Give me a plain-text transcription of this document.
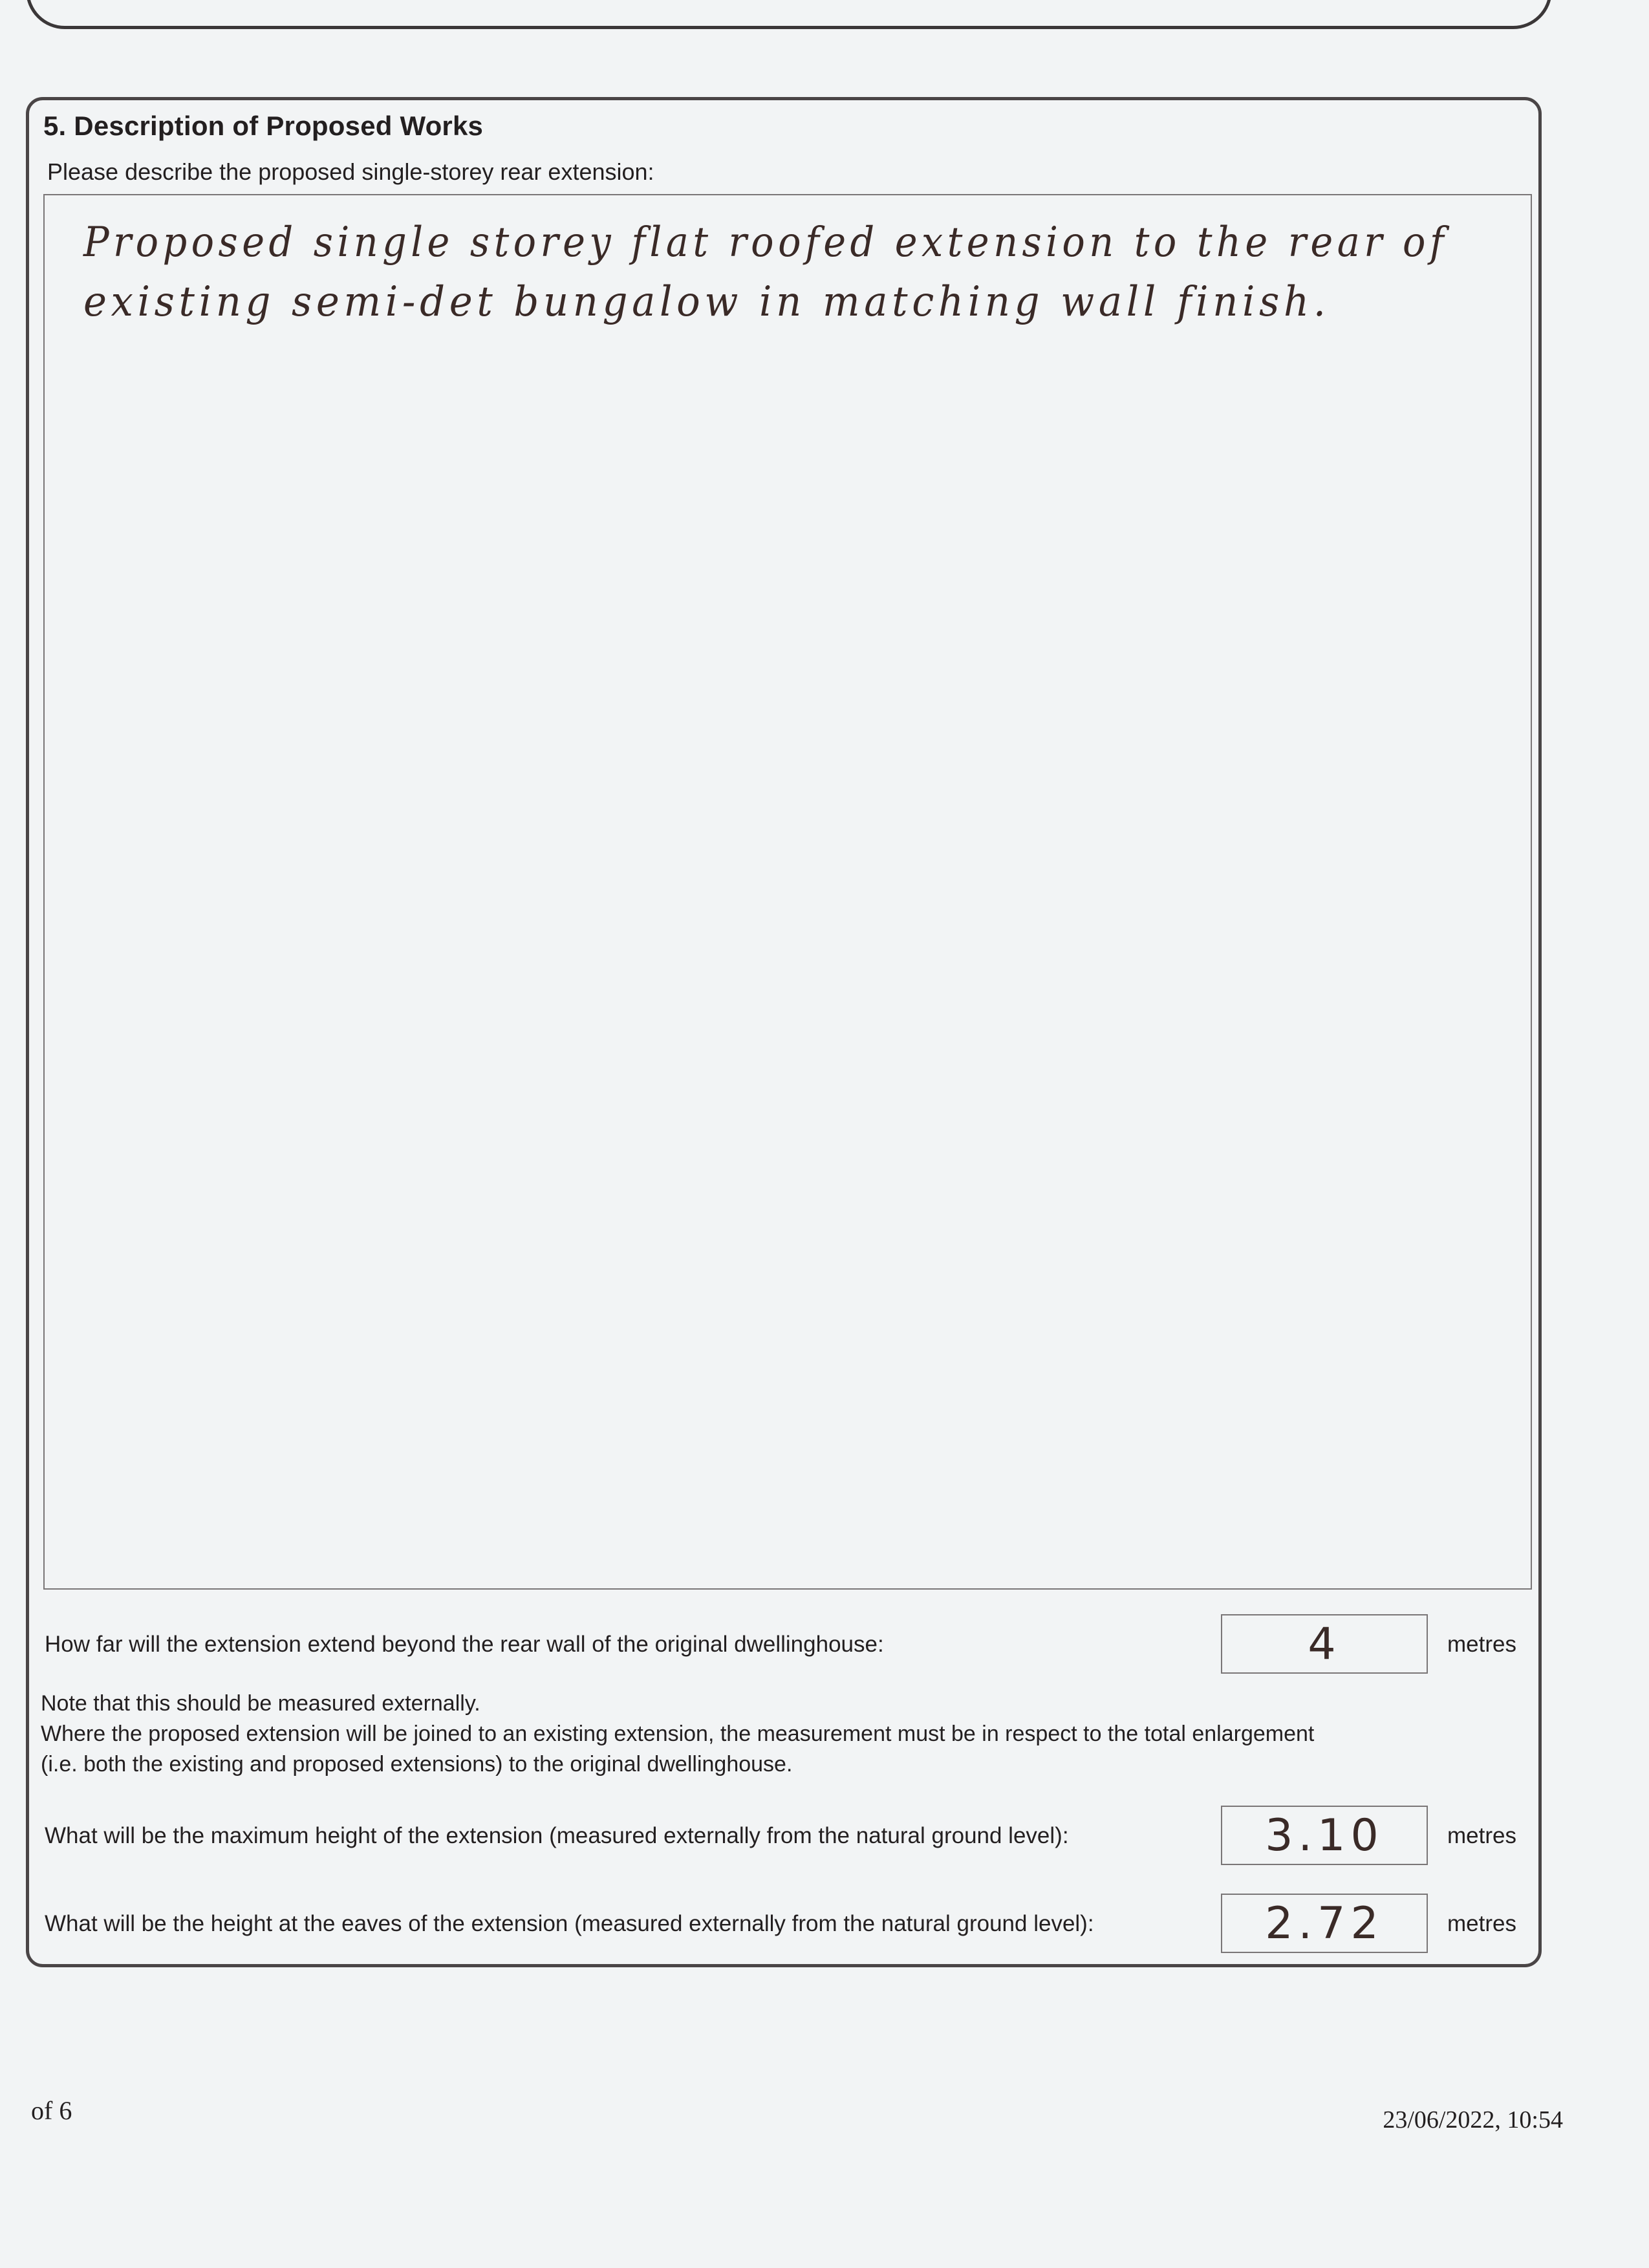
5. Description of Proposed Works
Please describe the proposed single-storey rear extension:
Proposed single storey flat roofed extension to the rear of
existing semi-det bungalow in matching wall finish.
How far will the extension extend beyond the rear wall of the original dwellinghouse:	4	metres
Note that this should be measured externally.
Where the proposed extension will be joined to an existing extension, the measurement must be in respect to the total enlargement
(i.e. both the existing and proposed extensions) to the original dwellinghouse.
What will be the maximum height of the extension (measured externally from the natural ground level):	3.10	metres
What will be the height at the eaves of the extension (measured externally from the natural ground level):	2.72	metres
of 6	23/06/2022, 10:54
